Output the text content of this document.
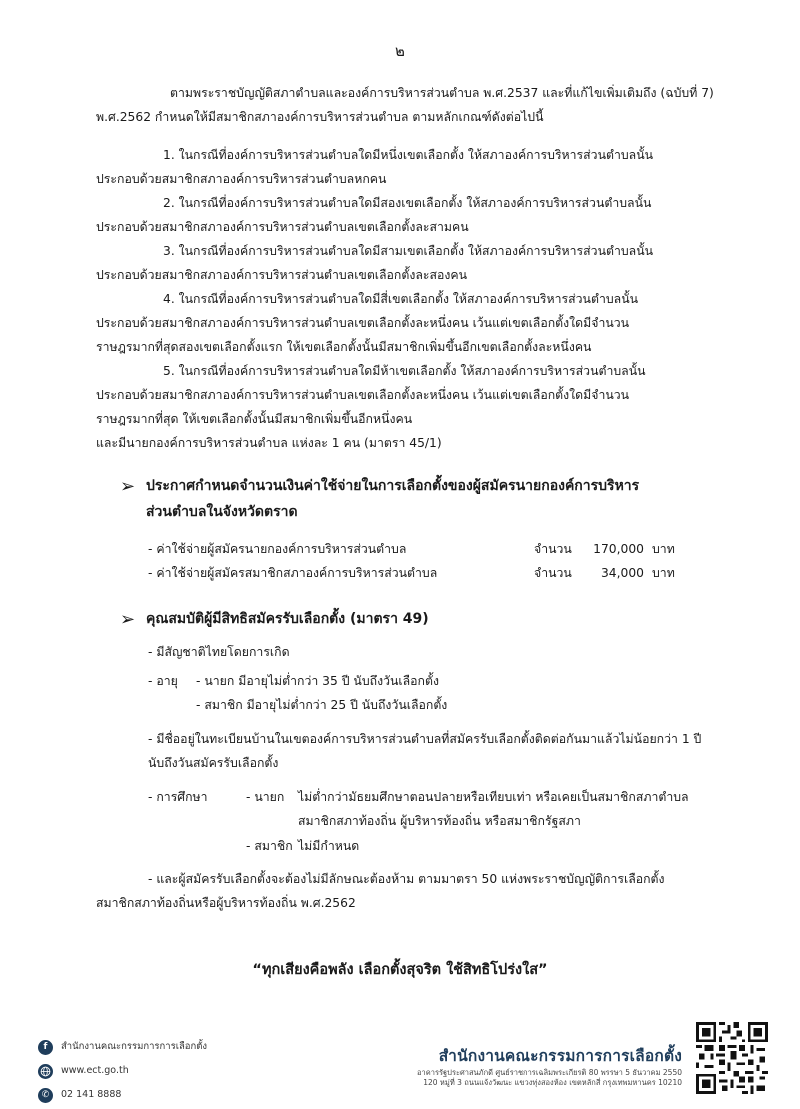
๒

ตามพระราชบัญญัติสภาตำบลและองค์การบริหารส่วนตำบล พ.ศ.2537 และที่แก้ไขเพิ่มเติมถึง (ฉบับที่ 7)

พ.ศ.2562 กำหนดให้มีสมาชิกสภาองค์การบริหารส่วนตำบล ตามหลักเกณฑ์ดังต่อไปนี้

1. ในกรณีที่องค์การบริหารส่วนตำบลใดมีหนึ่งเขตเลือกตั้ง ให้สภาองค์การบริหารส่วนตำบลนั้น

ประกอบด้วยสมาชิกสภาองค์การบริหารส่วนตำบลหกคน

2. ในกรณีที่องค์การบริหารส่วนตำบลใดมีสองเขตเลือกตั้ง ให้สภาองค์การบริหารส่วนตำบลนั้น

ประกอบด้วยสมาชิกสภาองค์การบริหารส่วนตำบลเขตเลือกตั้งละสามคน

3. ในกรณีที่องค์การบริหารส่วนตำบลใดมีสามเขตเลือกตั้ง ให้สภาองค์การบริหารส่วนตำบลนั้น

ประกอบด้วยสมาชิกสภาองค์การบริหารส่วนตำบลเขตเลือกตั้งละสองคน

4. ในกรณีที่องค์การบริหารส่วนตำบลใดมีสี่เขตเลือกตั้ง ให้สภาองค์การบริหารส่วนตำบลนั้น

ประกอบด้วยสมาชิกสภาองค์การบริหารส่วนตำบลเขตเลือกตั้งละหนึ่งคน เว้นแต่เขตเลือกตั้งใดมีจำนวน

ราษฎรมากที่สุดสองเขตเลือกตั้งแรก ให้เขตเลือกตั้งนั้นมีสมาชิกเพิ่มขึ้นอีกเขตเลือกตั้งละหนึ่งคน

5. ในกรณีที่องค์การบริหารส่วนตำบลใดมีห้าเขตเลือกตั้ง ให้สภาองค์การบริหารส่วนตำบลนั้น

ประกอบด้วยสมาชิกสภาองค์การบริหารส่วนตำบลเขตเลือกตั้งละหนึ่งคน เว้นแต่เขตเลือกตั้งใดมีจำนวน

ราษฎรมากที่สุด ให้เขตเลือกตั้งนั้นมีสมาชิกเพิ่มขึ้นอีกหนึ่งคน

และมีนายกองค์การบริหารส่วนตำบล แห่งละ 1 คน (มาตรา 45/1)

➢ ประกาศกำหนดจำนวนเงินค่าใช้จ่ายในการเลือกตั้งของผู้สมัครนายกองค์การบริหาร

ส่วนตำบลในจังหวัดตราด

- ค่าใช้จ่ายผู้สมัครนายกองค์การบริหารส่วนตำบล	จำนวน	170,000 บาท

- ค่าใช้จ่ายผู้สมัครสมาชิกสภาองค์การบริหารส่วนตำบล	จำนวน	34,000 บาท

➢ คุณสมบัติผู้มีสิทธิสมัครรับเลือกตั้ง (มาตรา 49)

- มีสัญชาติไทยโดยการเกิด

- อายุ - นายก มีอายุไม่ต่ำกว่า 35 ปี นับถึงวันเลือกตั้ง

- สมาชิก มีอายุไม่ต่ำกว่า 25 ปี นับถึงวันเลือกตั้ง

- มีชื่ออยู่ในทะเบียนบ้านในเขตองค์การบริหารส่วนตำบลที่สมัครรับเลือกตั้งติดต่อกันมาแล้วไม่น้อยกว่า 1 ปี

นับถึงวันสมัครรับเลือกตั้ง

- การศึกษา	- นายก ไม่ต่ำกว่ามัธยมศึกษาตอนปลายหรือเทียบเท่า หรือเคยเป็นสมาชิกสภาตำบล

สมาชิกสภาท้องถิ่น ผู้บริหารท้องถิ่น หรือสมาชิกรัฐสภา

- สมาชิก ไม่มีกำหนด

- และผู้สมัครรับเลือกตั้งจะต้องไม่มีลักษณะต้องห้าม ตามมาตรา 50 แห่งพระราชบัญญัติการเลือกตั้ง

สมาชิกสภาท้องถิ่นหรือผู้บริหารท้องถิ่น พ.ศ.2562

“ทุกเสียงคือพลัง เลือกตั้งสุจริต ใช้สิทธิโปร่งใส”
f	สำนักงานคณะกรรมการการเลือกตั้ง
www.ect.go.th
✆	02 141 8888
สำนักงานคณะกรรมการการเลือกตั้ง
อาคารรัฐประศาสนภักดี ศูนย์ราชการเฉลิมพระเกียรติ 80 พรรษา 5 ธันวาคม 2550
120 หมู่ที่ 3 ถนนแจ้งวัฒนะ แขวงทุ่งสองห้อง เขตหลักสี่ กรุงเทพมหานคร 10210
